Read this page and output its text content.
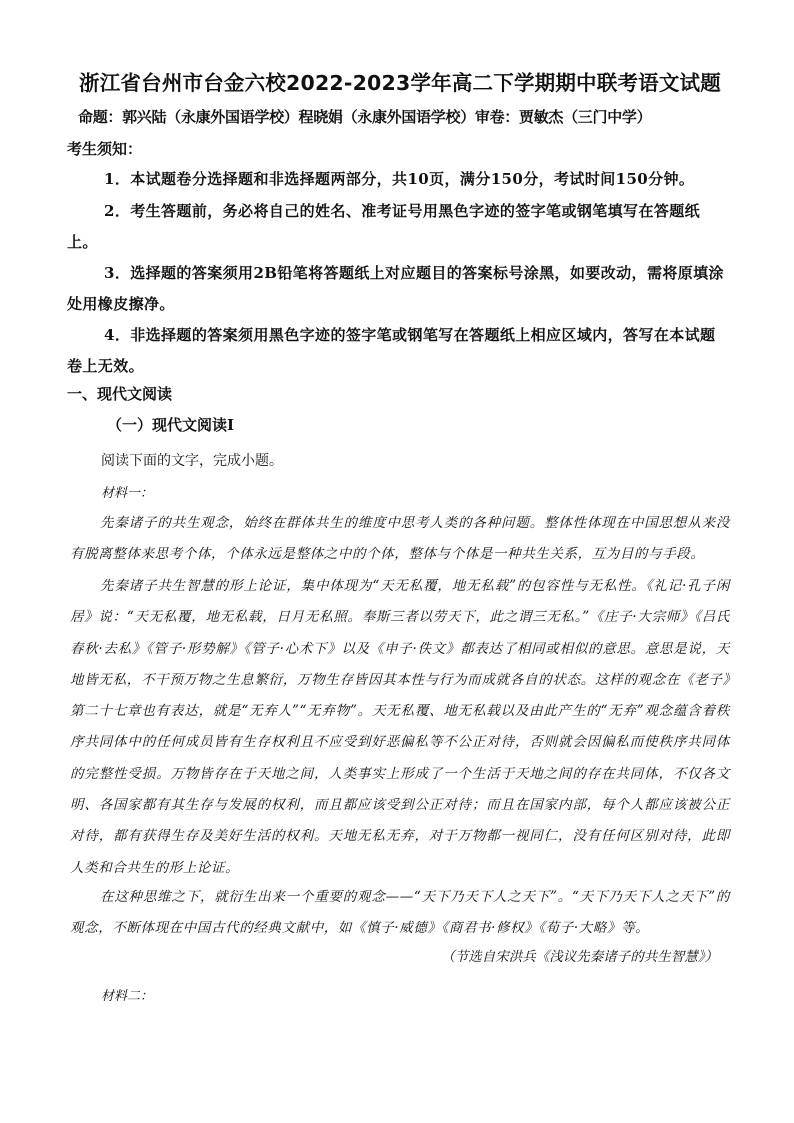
浙江省台州市台金六校2022-2023学年高二下学期期中联考语文试题
命题：郭兴陆（永康外国语学校）程晓娟（永康外国语学校）审卷：贾敏杰（三门中学）
考生须知：
1．本试题卷分选择题和非选择题两部分，共10页，满分150分，考试时间150分钟。
2．考生答题前，务必将自己的姓名、准考证号用黑色字迹的签字笔或钢笔填写在答题纸上。
3．选择题的答案须用2B铅笔将答题纸上对应题目的答案标号涂黑，如要改动，需将原填涂处用橡皮擦净。
4．非选择题的答案须用黑色字迹的签字笔或钢笔写在答题纸上相应区域内，答写在本试题卷上无效。
一、现代文阅读
（一）现代文阅读Ⅰ
阅读下面的文字，完成小题。
材料一：
先秦诸子的共生观念，始终在群体共生的维度中思考人类的各种问题。整体性体现在中国思想从来没有脱离整体来思考个体，个体永远是整体之中的个体，整体与个体是一种共生关系，互为目的与手段。
先秦诸子共生智慧的形上论证，集中体现为“天无私覆，地无私载”的包容性与无私性。《礼记·孔子闲居》说：“天无私覆，地无私载，日月无私照。奉斯三者以劳天下，此之谓三无私。”《庄子·大宗师》《吕氏春秋·去私》《管子·形势解》《管子·心术下》以及《申子·佚文》都表达了相同或相似的意思。意思是说，天地皆无私，不干预万物之生息繁衍，万物生存皆因其本性与行为而成就各自的状态。这样的观念在《老子》第二十七章也有表达，就是“无弃人”“无弃物”。天无私覆、地无私载以及由此产生的“无弃”观念蕴含着秩序共同体中的任何成员皆有生存权利且不应受到好恶偏私等不公正对待，否则就会因偏私而使秩序共同体的完整性受损。万物皆存在于天地之间，人类事实上形成了一个生活于天地之间的存在共同体，不仅各文明、各国家都有其生存与发展的权利，而且都应该受到公正对待；而且在国家内部，每个人都应该被公正对待，都有获得生存及美好生活的权利。天地无私无弃，对于万物都一视同仁，没有任何区别对待，此即人类和合共生的形上论证。
在这种思维之下，就衍生出来一个重要的观念——“天下乃天下人之天下”。“天下乃天下人之天下”的观念，不断体现在中国古代的经典文献中，如《慎子·威德》《商君书·修权》《荀子·大略》等。
（节选自宋洪兵《浅议先秦诸子的共生智慧》）
材料二：
